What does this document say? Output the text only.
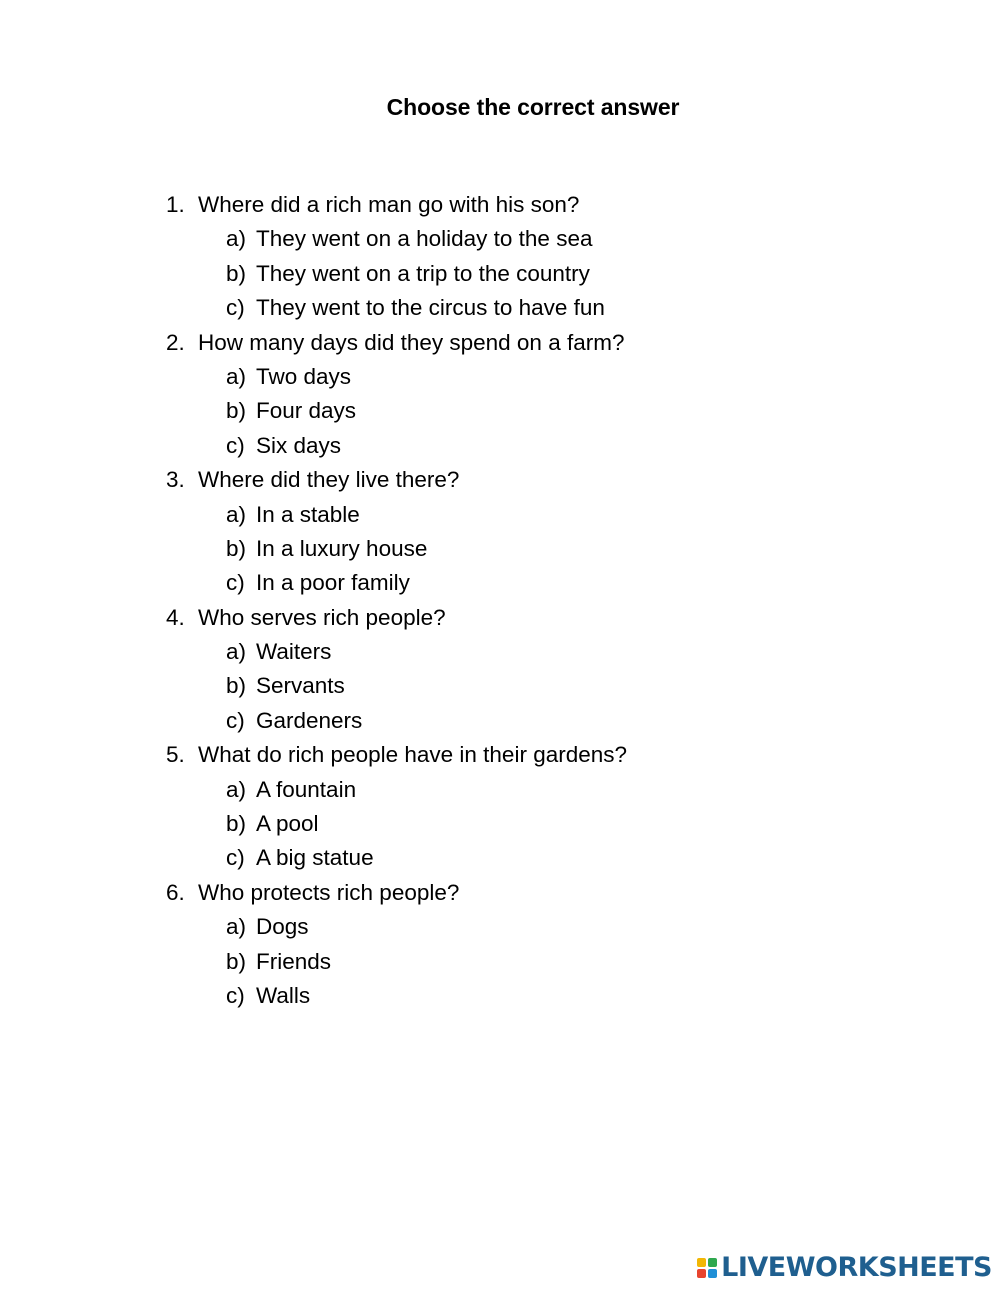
Choose the correct answer
1. Where did a rich man go with his son?
a) They went on a holiday to the sea
b) They went on a trip to the country
c) They went to the circus to have fun
2. How many days did they spend on a farm?
a) Two days
b) Four days
c) Six days
3. Where did they live there?
a) In a stable
b) In a luxury house
c) In a poor family
4. Who serves rich people?
a) Waiters
b) Servants
c) Gardeners
5. What do rich people have in their gardens?
a) A fountain
b) A pool
c) A big statue
6. Who protects rich people?
a) Dogs
b) Friends
c) Walls
LIVEWORKSHEETS
